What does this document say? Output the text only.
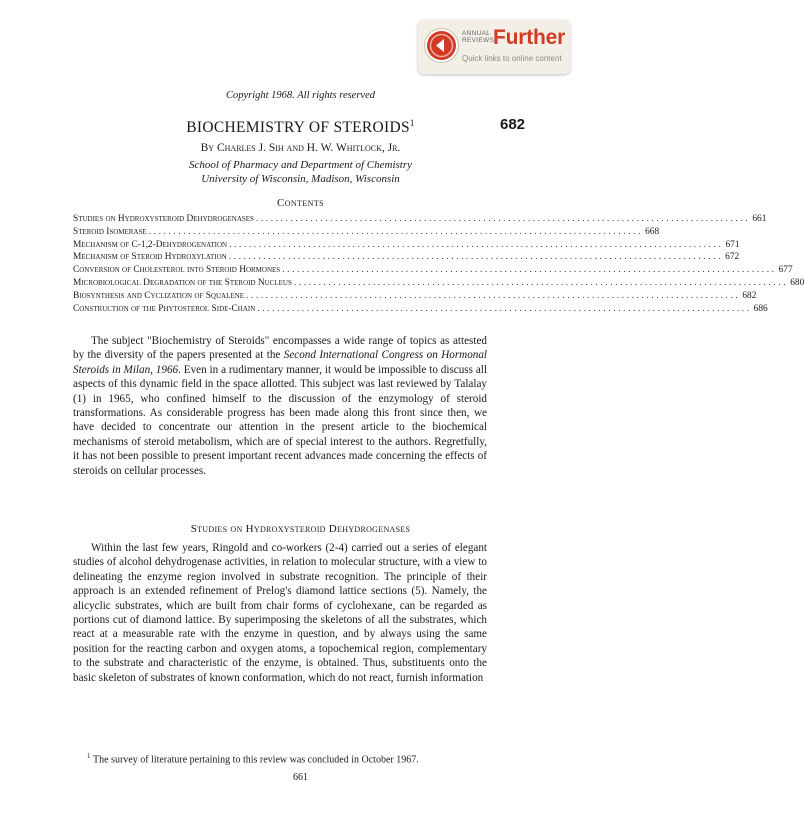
ANNUAL REVIEWS
Further
Quick links to online content
Copyright 1968. All rights reserved
682
BIOCHEMISTRY OF STEROIDS$^1$
By Charles J. Sih and H. W. Whitlock, Jr.
School of Pharmacy and Department of Chemistry
University of Wisconsin, Madison, Wisconsin
Contents
Studies on Hydroxysteroid Dehydrogenases .................................................................................................... 661
Steroid Isomerase .................................................................................................... 668
Mechanism of C-1,2-Dehydrogenation .................................................................................................... 671
Mechanism of Steroid Hydroxylation .................................................................................................... 672
Conversion of Cholesterol into Steroid Hormones .................................................................................................... 677
Microbiological Degradation of the Steroid Nucleus .................................................................................................... 680
Biosynthesis and Cyclization of Squalene .................................................................................................... 682
Construction of the Phytosterol Side-Chain .................................................................................................... 686

The subject "Biochemistry of Steroids" encompasses a wide range of topics as attested by the diversity of the papers presented at the Second International Congress on Hormonal Steroids in Milan, 1966. Even in a rudimentary manner, it would be impossible to discuss all aspects of this dynamic field in the space allotted. This subject was last reviewed by Talalay (1) in 1965, who confined himself to the discussion of the enzymology of steroid transformations. As considerable progress has been made along this front since then, we have decided to concentrate our attention in the present article to the biochemical mechanisms of steroid metabolism, which are of special interest to the authors. Regretfully, it has not been possible to present important recent advances made concerning the effects of steroids on cellular processes.

Studies on Hydroxysteroid Dehydrogenases

Within the last few years, Ringold and co-workers (2-4) carried out a series of elegant studies of alcohol dehydrogenase activities, in relation to molecular structure, with a view to delineating the enzyme region involved in substrate recognition. The principle of their approach is an extended refinement of Prelog's diamond lattice sections (5). Namely, the alicyclic substrates, which are built from chair forms of cyclohexane, can be regarded as portions cut of diamond lattice. By superimposing the skeletons of all the substrates, which react at a measurable rate with the enzyme in question, and by always using the same position for the reacting carbon and oxygen atoms, a topochemical region, complementary to the substrate and characteristic of the enzyme, is obtained. Thus, substituents onto the basic skeleton of substrates of known conformation, which do not react, furnish information

$^1$ The survey of literature pertaining to this review was concluded in October 1967.
661
